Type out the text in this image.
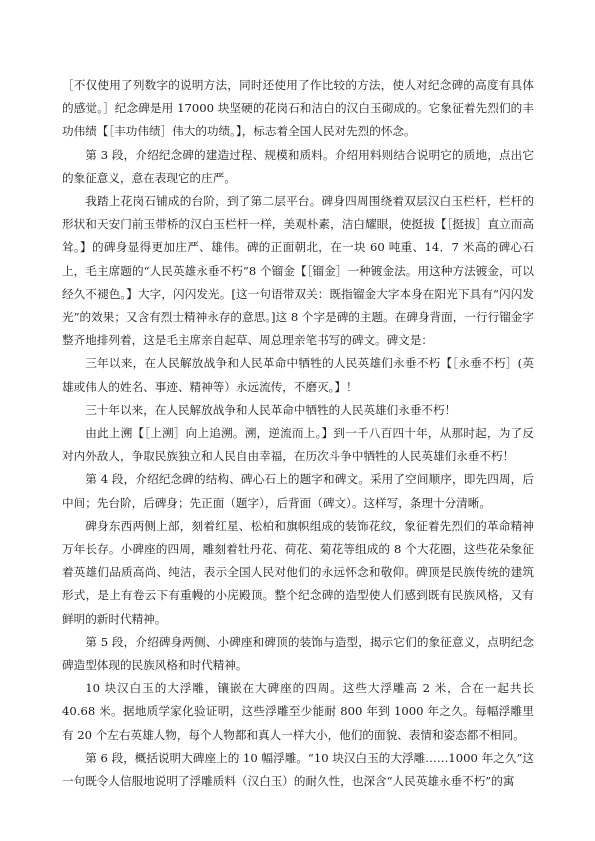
［不仅使用了列数字的说明方法，同时还使用了作比较的方法，使人对纪念碑的高度有具体的感觉。］纪念碑是用 17000 块坚硬的花岗石和洁白的汉白玉砌成的。它象征着先烈们的丰功伟绩【［丰功伟绩］伟大的功绩。】，标志着全国人民对先烈的怀念。

第 3 段，介绍纪念碑的建造过程、规模和质料。介绍用料则结合说明它的质地，点出它的象征意义，意在表现它的庄严。

我踏上花岗石铺成的台阶，到了第二层平台。碑身四周围绕着双层汉白玉栏杆，栏杆的形状和天安门前玉带桥的汉白玉栏杆一样，美观朴素，洁白耀眼，使挺拔【［挺拔］直立而高耸。】的碑身显得更加庄严、雄伟。碑的正面朝北，在一块 60 吨重、14．7 米高的碑心石上，毛主席题的“人民英雄永垂不朽”8 个镏金【［镏金］一种镀金法。用这种方法镀金，可以经久不褪色。】大字，闪闪发光。[这一句语带双关：既指镏金大字本身在阳光下具有“闪闪发光”的效果；又含有烈士精神永存的意思。]这 8 个字是碑的主题。在碑身背面，一行行镏金字整齐地排列着，这是毛主席亲自起草、周总理亲笔书写的碑文。碑文是：

三年以来，在人民解放战争和人民革命中牺牲的人民英雄们永垂不朽【［永垂不朽］(英雄或伟人的姓名、事迹、精神等）永远流传，不磨灭。】！

三十年以来，在人民解放战争和人民革命中牺牲的人民英雄们永垂不朽！

由此上溯【［上溯］向上追溯。溯，逆流而上。】到一千八百四十年，从那时起，为了反对内外敌人，争取民族独立和人民自由幸福，在历次斗争中牺牲的人民英雄们永垂不朽！

第 4 段，介绍纪念碑的结构、碑心石上的题字和碑文。采用了空间顺序，即先四周，后中间；先台阶，后碑身；先正面（题字），后背面（碑文）。这样写，条理十分清晰。

碑身东西两侧上部，刻着红星、松柏和旗帜组成的装饰花纹，象征着先烈们的革命精神万年长存。小碑座的四周，雕刻着牡丹花、荷花、菊花等组成的 8 个大花圈，这些花朵象征着英雄们品质高尚、纯洁，表示全国人民对他们的永远怀念和敬仰。碑顶是民族传统的建筑形式，是上有卷云下有重幔的小庑殿顶。整个纪念碑的造型使人们感到既有民族风格，又有鲜明的新时代精神。

第 5 段，介绍碑身两侧、小碑座和碑顶的装饰与造型，揭示它们的象征意义，点明纪念碑造型体现的民族风格和时代精神。

10 块汉白玉的大浮雕，镶嵌在大碑座的四周。这些大浮雕高 2 米，合在一起共长 40.68 米。据地质学家化验证明，这些浮雕至少能耐 800 年到 1000 年之久。每幅浮雕里有 20 个左右英雄人物，每个人物都和真人一样大小，他们的面貌、表情和姿态都不相同。

第 6 段，概括说明大碑座上的 10 幅浮雕。“10 块汉白玉的大浮雕……1000 年之久”这一句既令人信服地说明了浮雕质料（汉白玉）的耐久性，也深含“人民英雄永垂不朽”的寓
